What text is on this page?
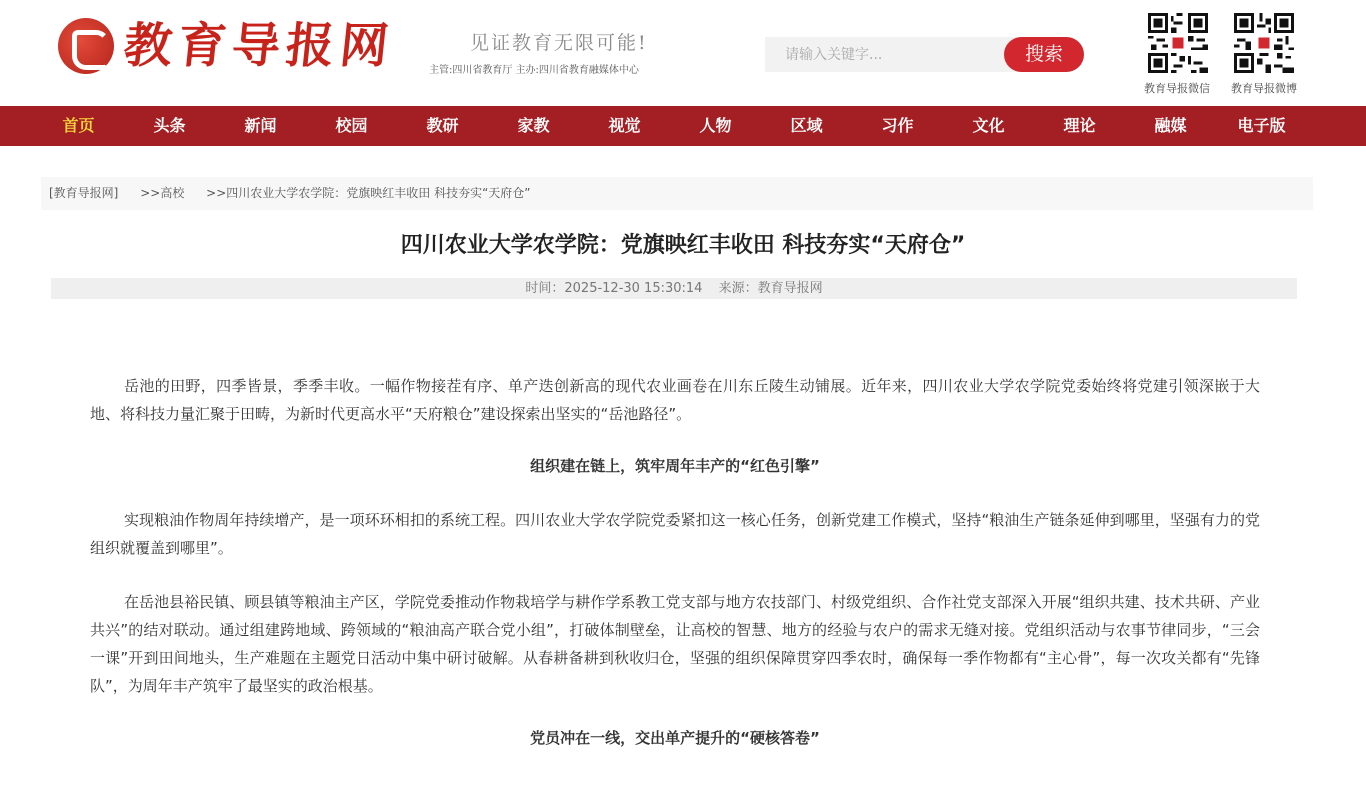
教育导报网	见证教育无限可能!
主管:四川省教育厅 主办:四川省教育融媒体中心
请输入关键字...
搜索
教育导报微信 教育导报微博
首页	头条	新闻	校园	教研	家教	视觉	人物	区域	习作	文化	理论	融媒	电子版
[教育导报网] >>高校 >>四川农业大学农学院：党旗映红丰收田 科技夯实“天府仓”
四川农业大学农学院：党旗映红丰收田 科技夯实“天府仓”
时间：2025-12-30 15:30:14 来源：教育导报网

岳池的田野，四季皆景，季季丰收。一幅作物接茬有序、单产迭创新高的现代农业画卷在川东丘陵生动铺展。近年来，四川农业大学农学院党委始终将党建引领深嵌于大地、将科技力量汇聚于田畴，为新时代更高水平“天府粮仓”建设探索出坚实的“岳池路径”。

组织建在链上，筑牢周年丰产的“红色引擎”

实现粮油作物周年持续增产，是一项环环相扣的系统工程。四川农业大学农学院党委紧扣这一核心任务，创新党建工作模式，坚持“粮油生产链条延伸到哪里，坚强有力的党组织就覆盖到哪里”。

在岳池县裕民镇、顾县镇等粮油主产区，学院党委推动作物栽培学与耕作学系教工党支部与地方农技部门、村级党组织、合作社党支部深入开展“组织共建、技术共研、产业共兴”的结对联动。通过组建跨地域、跨领域的“粮油高产联合党小组”，打破体制壁垒，让高校的智慧、地方的经验与农户的需求无缝对接。党组织活动与农事节律同步，“三会一课”开到田间地头，生产难题在主题党日活动中集中研讨破解。从春耕备耕到秋收归仓，坚强的组织保障贯穿四季农时，确保每一季作物都有“主心骨”，每一次攻关都有“先锋队”，为周年丰产筑牢了最坚实的政治根基。

党员冲在一线，交出单产提升的“硬核答卷”
